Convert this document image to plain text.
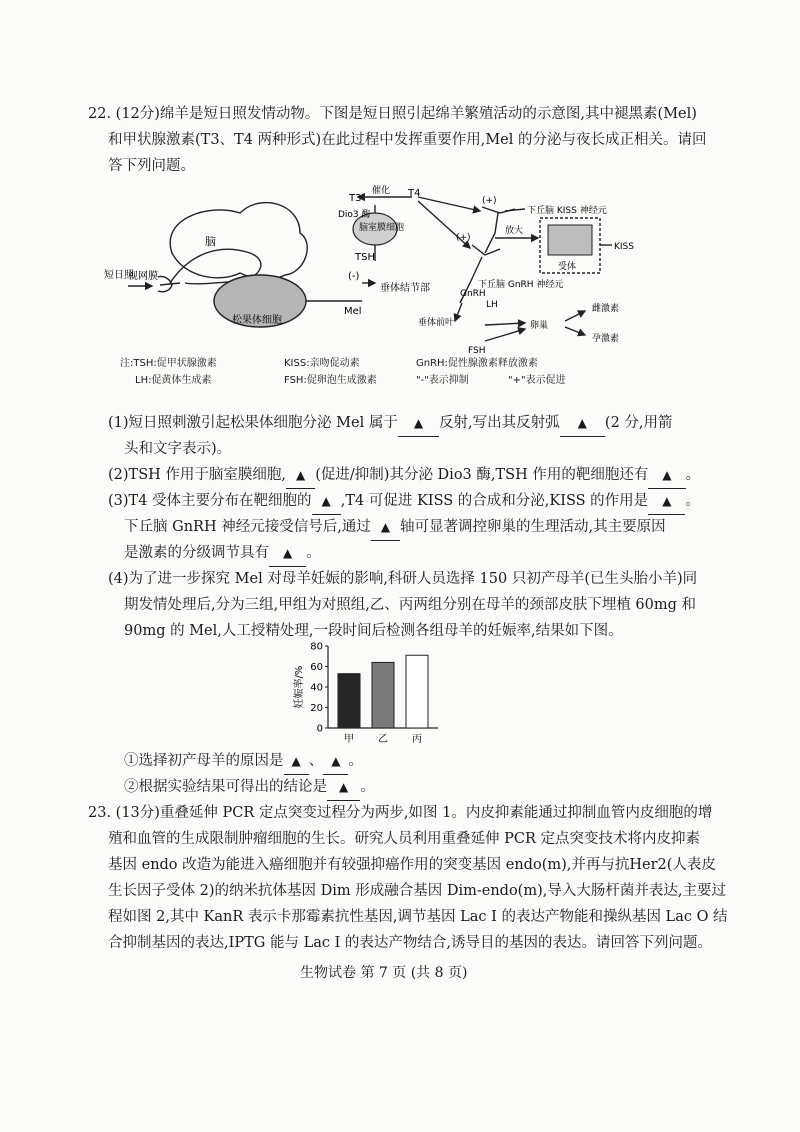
22. (12分)绵羊是短日照发情动物。下图是短日照引起绵羊繁殖活动的示意图,其中褪黑素(Mel)
和甲状腺激素(T3、T4 两种形式)在此过程中发挥重要作用,Mel 的分泌与夜长成正相关。请回
答下列问题。
短日照
视网膜
脑
松果体细胞
Mel
(-)
TSH
垂体结节部
脑室膜细胞
Dio3 酶
T3	T4
催化
(+)
(+)
下丘脑 KISS 神经元
放大
KISS
受体
下丘脑 GnRH 神经元
GnRH
LH
FSH
垂体前叶	卵巢
雌激素
孕激素
注:TSH:促甲状腺激素	KISS:亲吻促动素	GnRH:促性腺激素释放激素
LH:促黄体生成素	FSH:促卵泡生成激素	"-"表示抑制	"+"表示促进
(1)短日照刺激引起松果体细胞分泌 Mel 属于 ▲ 反射,写出其反射弧 ▲ (2 分,用箭
头和文字表示)。
(2)TSH 作用于脑室膜细胞, ▲ (促进/抑制)其分泌 Dio3 酶,TSH 作用的靶细胞还有 ▲ 。
(3)T4 受体主要分布在靶细胞的 ▲ ,T4 可促进 KISS 的合成和分泌,KISS 的作用是 ▲ 。
下丘脑 GnRH 神经元接受信号后,通过 ▲ 轴可显著调控卵巢的生理活动,其主要原因
是激素的分级调节具有 ▲ 。
(4)为了进一步探究 Mel 对母羊妊娠的影响,科研人员选择 150 只初产母羊(已生头胎小羊)同
期发情处理后,分为三组,甲组为对照组,乙、丙两组分别在母羊的颈部皮肤下埋植 60mg 和
90mg 的 Mel,人工授精处理,一段时间后检测各组母羊的妊娠率,结果如下图。
0
20
40
60
80
妊娠率/%
甲 乙 丙
①选择初产母羊的原因是 ▲ 、 ▲ 。
②根据实验结果可得出的结论是 ▲ 。
23. (13分)重叠延伸 PCR 定点突变过程分为两步,如图 1。内皮抑素能通过抑制血管内皮细胞的增
殖和血管的生成限制肿瘤细胞的生长。研究人员利用重叠延伸 PCR 定点突变技术将内皮抑素
基因 endo 改造为能进入癌细胞并有较强抑癌作用的突变基因 endo(m),并再与抗Her2(人表皮
生长因子受体 2)的纳米抗体基因 Dim 形成融合基因 Dim-endo(m),导入大肠杆菌并表达,主要过
程如图 2,其中 KanR 表示卡那霉素抗性基因,调节基因 Lac I 的表达产物能和操纵基因 Lac O 结
合抑制基因的表达,IPTG 能与 Lac I 的表达产物结合,诱导目的基因的表达。请回答下列问题。
生物试卷 第 7 页 (共 8 页)
